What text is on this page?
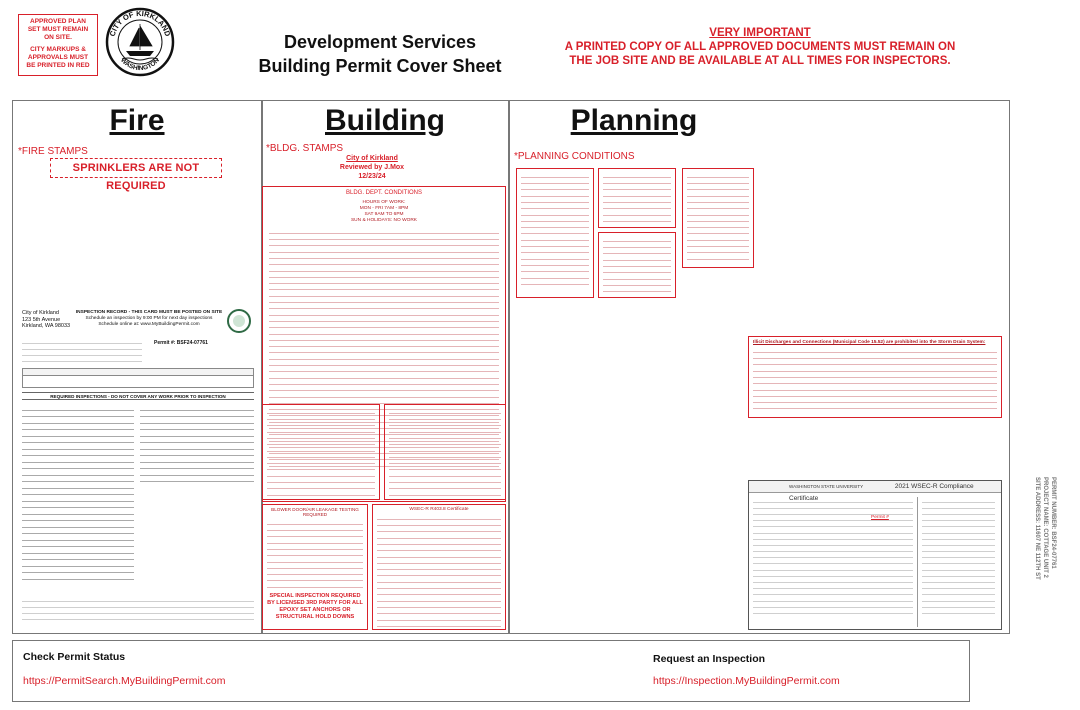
APPROVED PLAN
SET MUST REMAIN
ON SITE.
CITY MARKUPS &
APPROVALS MUST
BE PRINTED IN RED
CITY OF KIRKLAND
WASHINGTON
Development Services
Building Permit Cover Sheet
VERY IMPORTANT
A PRINTED COPY OF ALL APPROVED DOCUMENTS MUST REMAIN ON THE JOB SITE AND BE AVAILABLE AT ALL TIMES FOR INSPECTORS.
Fire
*FIRE STAMPS
SPRINKLERS ARE NOT REQUIRED
City of Kirkland
123 5th Avenue
Kirkland, WA 98033
INSPECTION RECORD - THIS CARD MUST BE POSTED ON SITE
Schedule an inspection by 9:00 PM for next day inspections
Schedule online at: www.MyBuildingPermit.com
Permit #: BSF24-07761
REQUIRED INSPECTIONS - DO NOT COVER ANY WORK PRIOR TO INSPECTION
Building
*BLDG. STAMPS
City of Kirkland
Reviewed by J.Mox
12/23/24
BLDG. DEPT. CONDITIONS
HOURS OF WORK:
MON - FRI 7AM - 8PM
SAT 9AM TO 6PM
SUN & HOLIDAYS: NO WORK
BLOWER DOOR/AIR LEAKAGE TESTING REQUIRED
SPECIAL INSPECTION REQUIRED BY LICENSED 3RD PARTY FOR ALL EPOXY SET ANCHORS OR STRUCTURAL HOLD DOWNS
WSEC-R R403.8 Certificate
Planning
*PLANNING CONDITIONS
Illicit Discharges and Connections (Municipal Code 15.52) are prohibited into the Storm Drain System:
WASHINGTON STATE UNIVERSITY	2021 WSEC-R Compliance Certificate
Permit #	PERMIT NUMBER: BSF24-07761
PROJECT NAME: COTTAGE UNIT 2
SITE ADDRESS: 11607 NE 112TH ST
Check Permit Status
https://PermitSearch.MyBuildingPermit.com
Request an Inspection
https://Inspection.MyBuildingPermit.com
